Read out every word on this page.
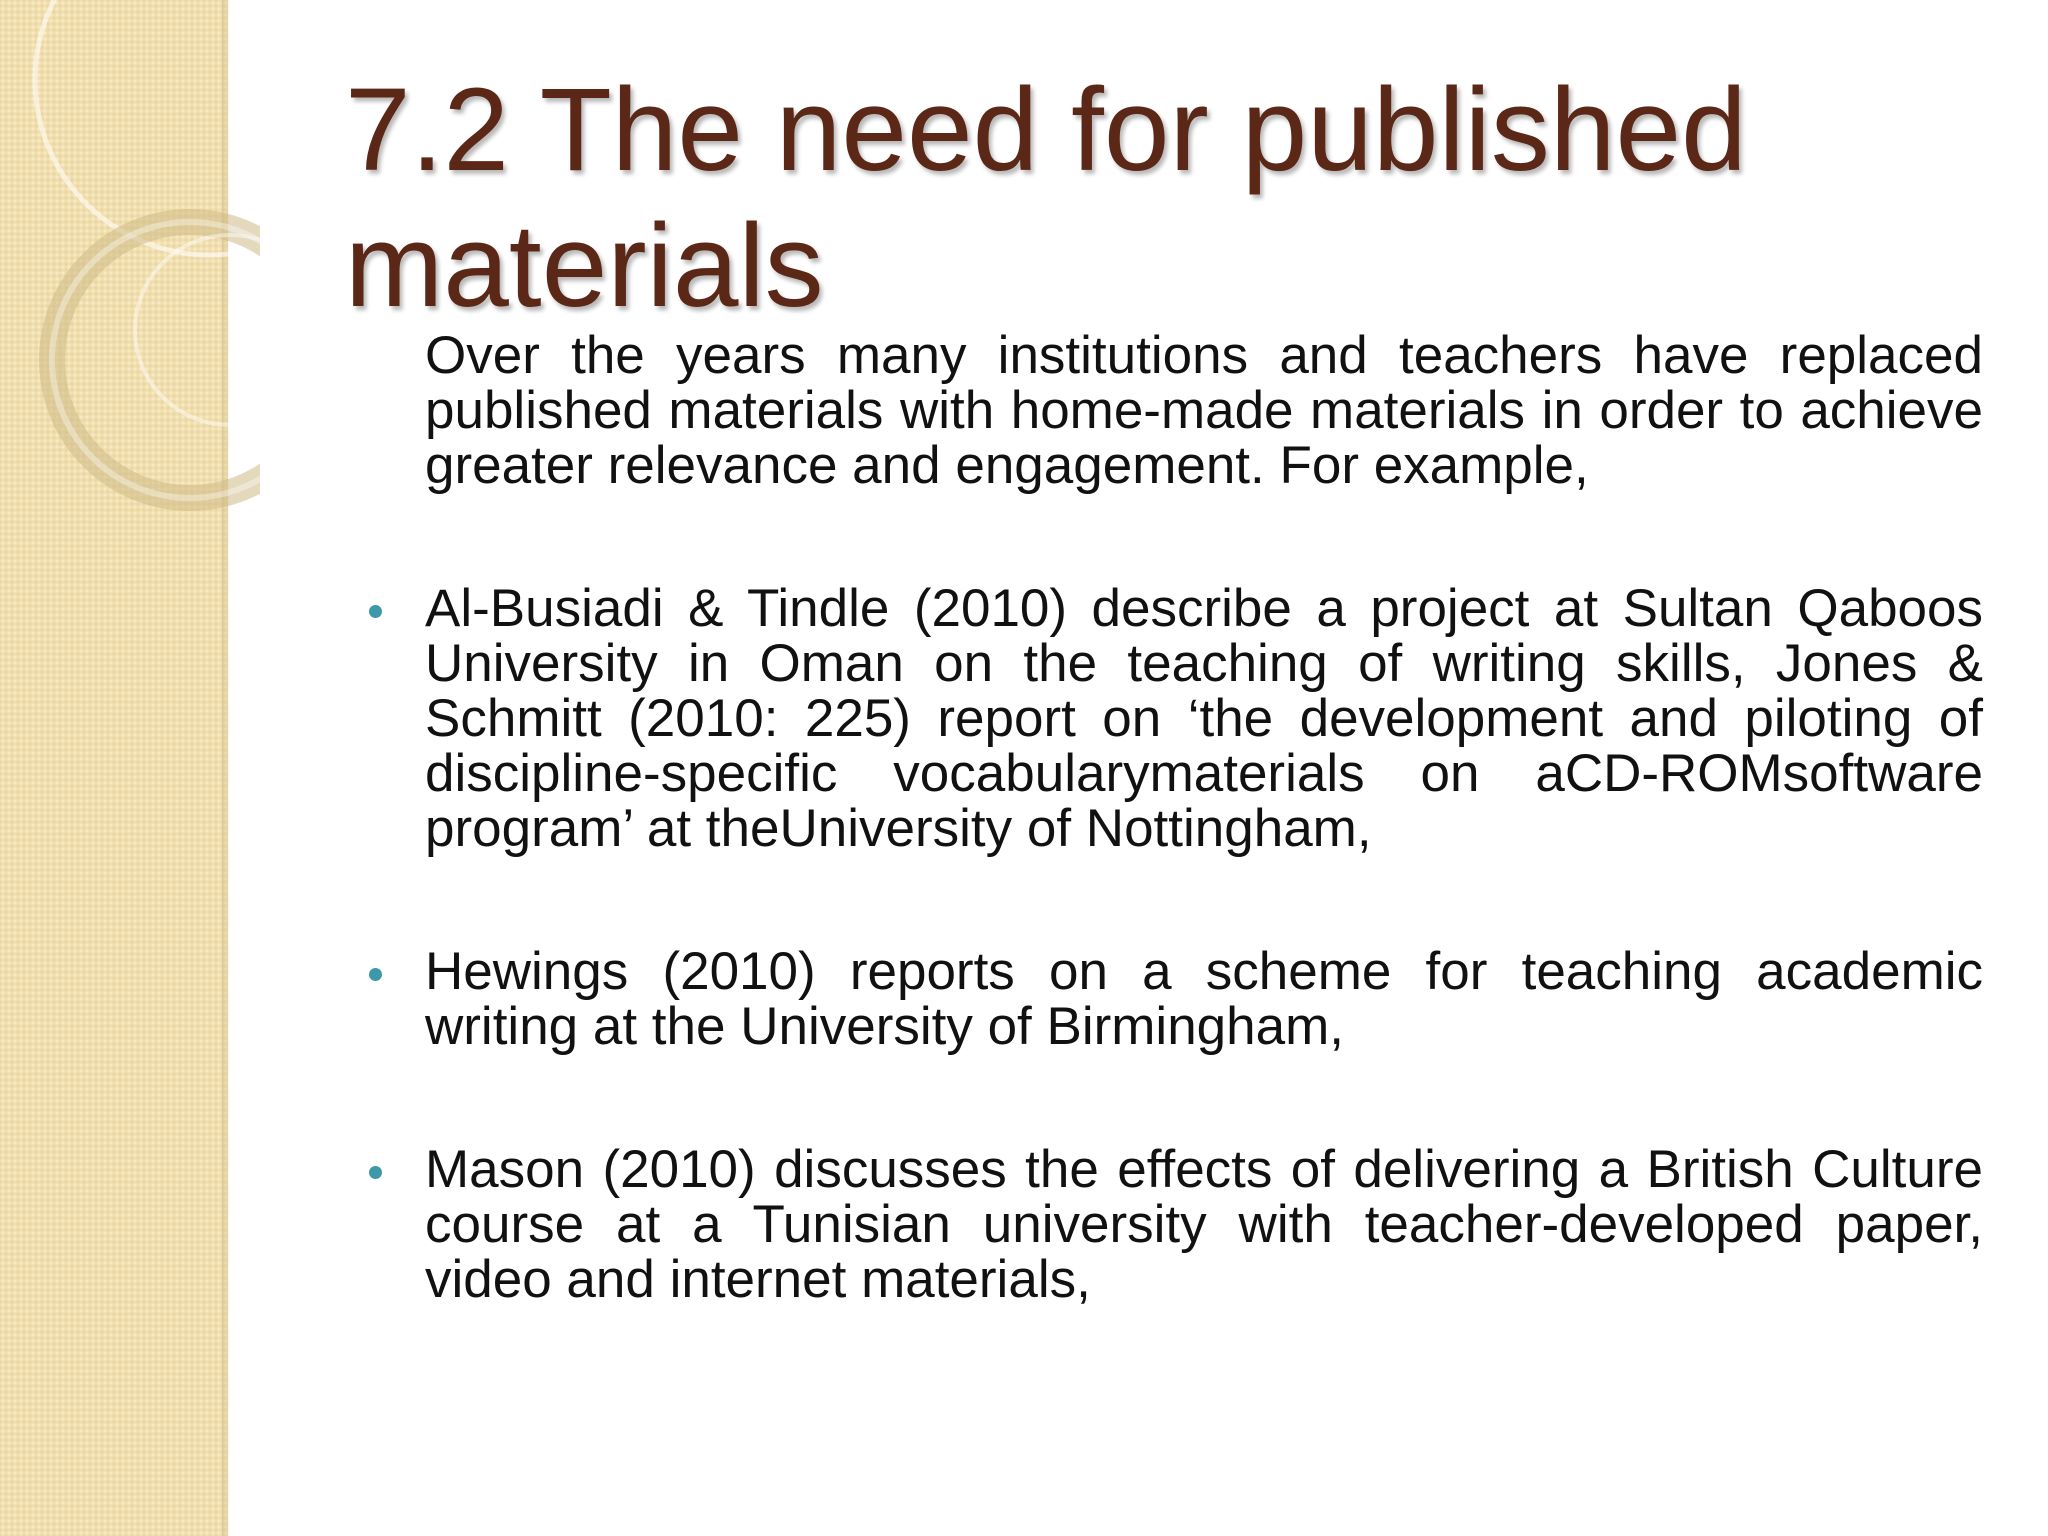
7.2 The need for published materials

Over the years many institutions and teachers have replaced published materials with home-made materials in order to achieve greater relevance and engagement. For example,

Al-Busiadi & Tindle (2010) describe a project at Sultan Qaboos University in Oman on the teaching of writing skills, Jones & Schmitt (2010: 225) report on ‘the development and piloting of discipline-specific vocabularymaterials on aCD-ROMsoftware program’ at theUniversity of Nottingham,
Hewings (2010) reports on a scheme for teaching academic writing at the University of Birmingham,
Mason (2010) discusses the effects of delivering a British Culture course at a Tunisian university with teacher-developed paper, video and internet materials,
